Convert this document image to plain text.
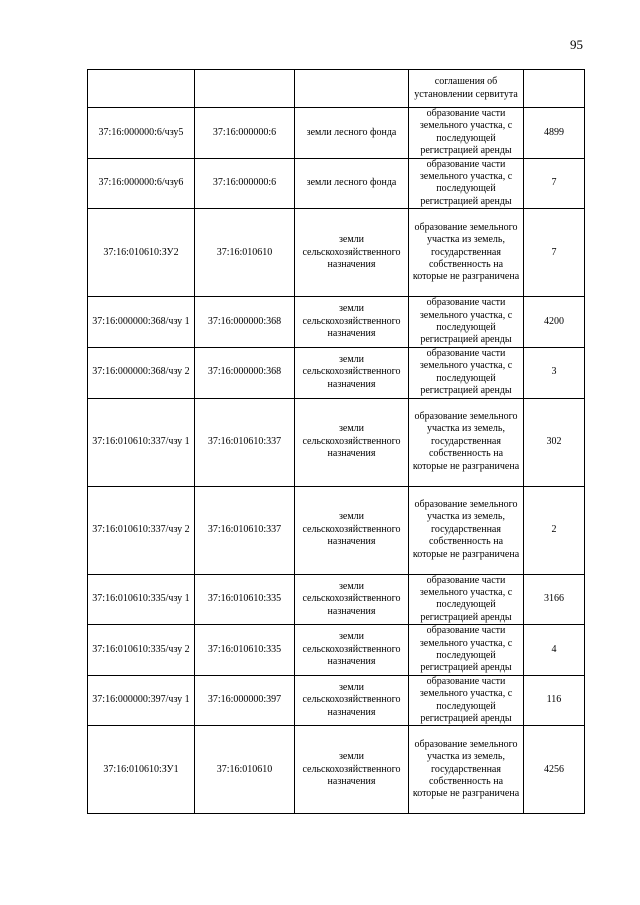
95
			соглашения об установлении сервитута	
37:16:000000:6/чзу5	37:16:000000:6	земли лесного фонда	образование части земельного участка, с последующей регистрацией аренды	4899
37:16:000000:6/чзу6	37:16:000000:6	земли лесного фонда	образование части земельного участка, с последующей регистрацией аренды	7
37:16:010610:ЗУ2	37:16:010610	земли сельскохозяйственного назначения	образование земельного участка из земель, государственная собственность на которые не разграничена	7
37:16:000000:368/чзу 1	37:16:000000:368	земли сельскохозяйственного назначения	образование части земельного участка, с последующей регистрацией аренды	4200
37:16:000000:368/чзу 2	37:16:000000:368	земли сельскохозяйственного назначения	образование части земельного участка, с последующей регистрацией аренды	3
37:16:010610:337/чзу 1	37:16:010610:337	земли сельскохозяйственного назначения	образование земельного участка из земель, государственная собственность на которые не разграничена	302
37:16:010610:337/чзу 2	37:16:010610:337	земли сельскохозяйственного назначения	образование земельного участка из земель, государственная собственность на которые не разграничена	2
37:16:010610:335/чзу 1	37:16:010610:335	земли сельскохозяйственного назначения	образование части земельного участка, с последующей регистрацией аренды	3166
37:16:010610:335/чзу 2	37:16:010610:335	земли сельскохозяйственного назначения	образование части земельного участка, с последующей регистрацией аренды	4
37:16:000000:397/чзу 1	37:16:000000:397	земли сельскохозяйственного назначения	образование части земельного участка, с последующей регистрацией аренды	116
37:16:010610:ЗУ1	37:16:010610	земли сельскохозяйственного назначения	образование земельного участка из земель, государственная собственность на которые не разграничена	4256
